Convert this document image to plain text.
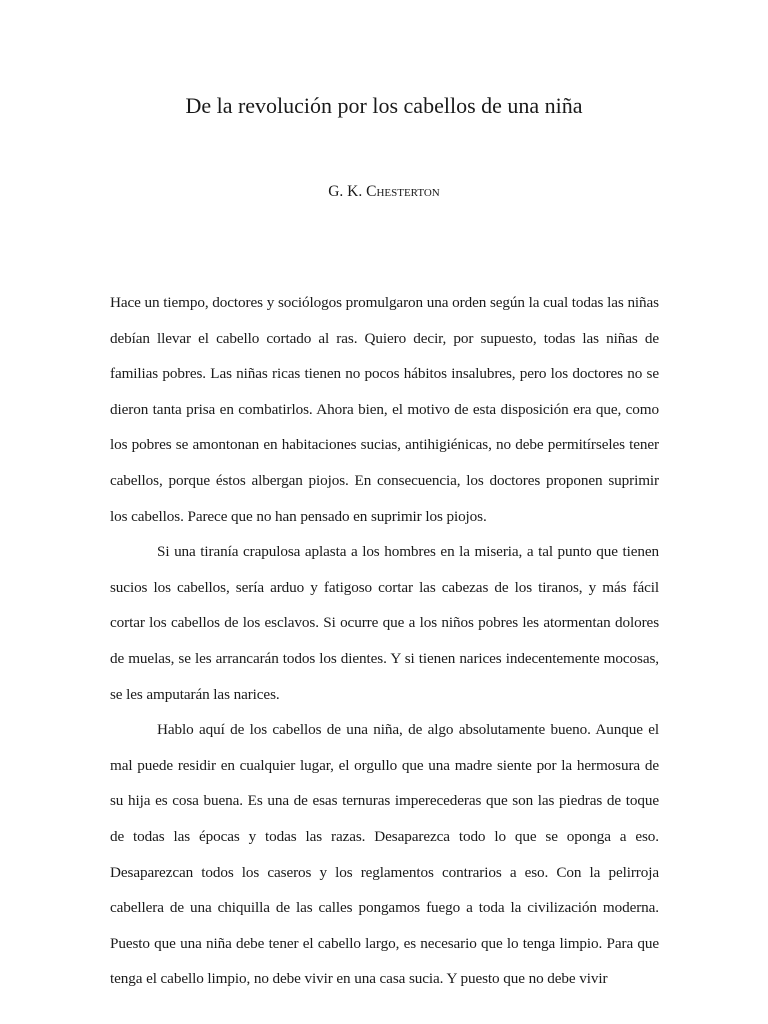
De la revolución por los cabellos de una niña

G. K. Chesterton

Hace un tiempo, doctores y sociólogos promulgaron una orden según la cual todas las niñas debían llevar el cabello cortado al ras. Quiero decir, por supuesto, todas las niñas de familias pobres. Las niñas ricas tienen no pocos hábitos insalubres, pero los doctores no se dieron tanta prisa en combatirlos. Ahora bien, el motivo de esta disposición era que, como los pobres se amontonan en habitaciones sucias, antihigiénicas, no debe permitírseles tener cabellos, porque éstos albergan piojos. En consecuencia, los doctores proponen suprimir los cabellos. Parece que no han pensado en suprimir los piojos.

Si una tiranía crapulosa aplasta a los hombres en la miseria, a tal punto que tienen sucios los cabellos, sería arduo y fatigoso cortar las cabezas de los tiranos, y más fácil cortar los cabellos de los esclavos. Si ocurre que a los niños pobres les atormentan dolores de muelas, se les arrancarán todos los dientes. Y si tienen narices indecentemente mocosas, se les amputarán las narices.

Hablo aquí de los cabellos de una niña, de algo absolutamente bueno. Aunque el mal puede residir en cualquier lugar, el orgullo que una madre siente por la hermosura de su hija es cosa buena. Es una de esas ternuras imperecederas que son las piedras de toque de todas las épocas y todas las razas. Desaparezca todo lo que se oponga a eso. Desaparezcan todos los caseros y los reglamentos contrarios a eso. Con la pelirroja cabellera de una chiquilla de las calles pongamos fuego a toda la civilización moderna. Puesto que una niña debe tener el cabello largo, es necesario que lo tenga limpio. Para que tenga el cabello limpio, no debe vivir en una casa sucia. Y puesto que no debe vivir
